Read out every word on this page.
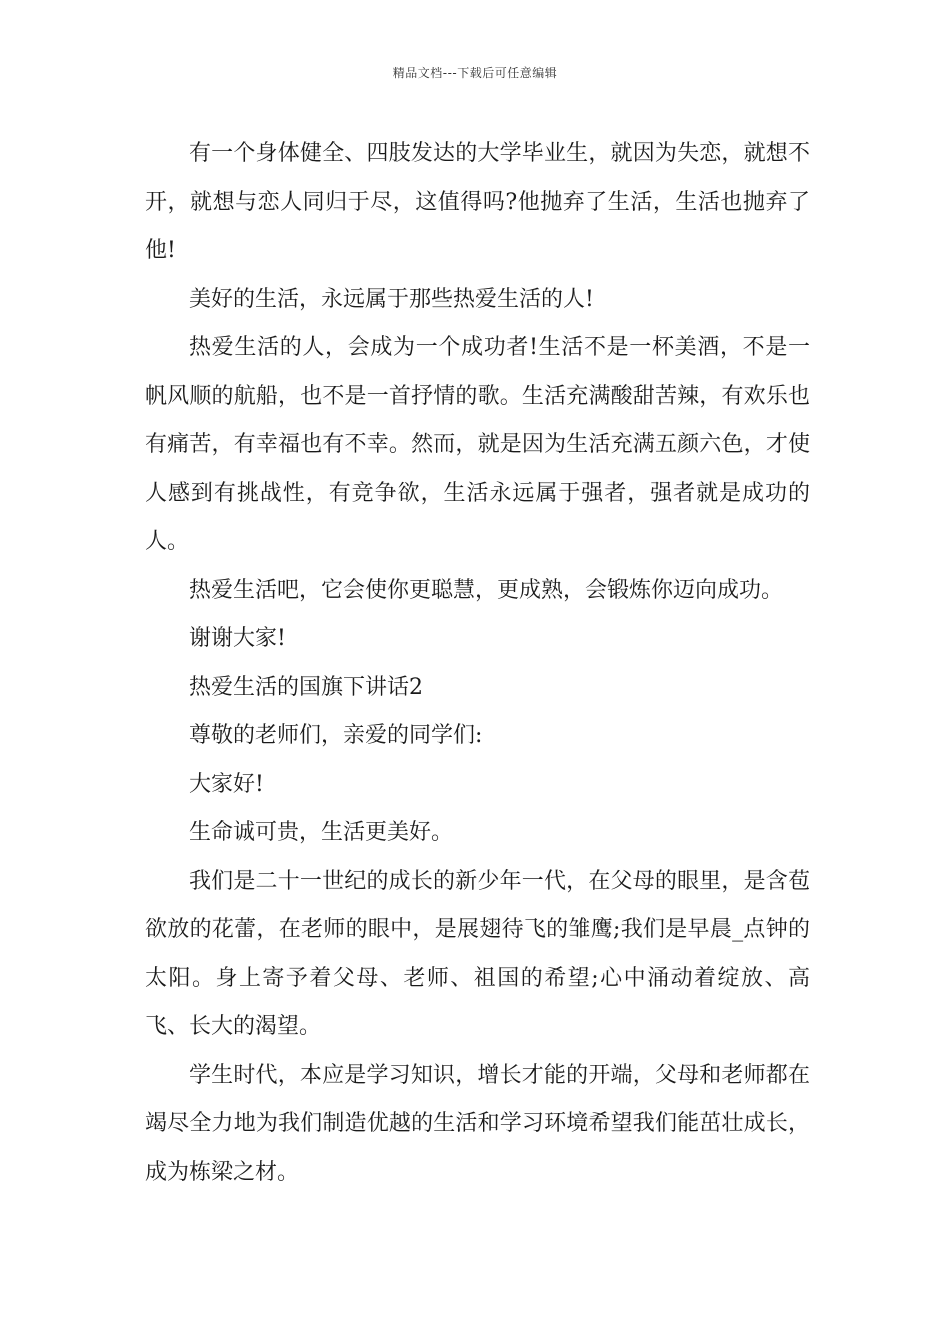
精品文档---下载后可任意编辑

有一个身体健全、四肢发达的大学毕业生，就因为失恋，就想不开，就想与恋人同归于尽，这值得吗?他抛弃了生活，生活也抛弃了他!

美好的生活，永远属于那些热爱生活的人!

热爱生活的人，会成为一个成功者!生活不是一杯美酒，不是一帆风顺的航船，也不是一首抒情的歌。生活充满酸甜苦辣，有欢乐也有痛苦，有幸福也有不幸。然而，就是因为生活充满五颜六色，才使人感到有挑战性，有竞争欲，生活永远属于强者，强者就是成功的人。

热爱生活吧，它会使你更聪慧，更成熟，会锻炼你迈向成功。

谢谢大家!

热爱生活的国旗下讲话2

尊敬的老师们，亲爱的同学们:

大家好!

生命诚可贵，生活更美好。

我们是二十一世纪的成长的新少年一代，在父母的眼里，是含苞欲放的花蕾，在老师的眼中，是展翅待飞的雏鹰;我们是早晨_点钟的太阳。身上寄予着父母、老师、祖国的希望;心中涌动着绽放、高飞、长大的渴望。

学生时代，本应是学习知识，增长才能的开端，父母和老师都在竭尽全力地为我们制造优越的生活和学习环境希望我们能茁壮成长，成为栋梁之材。
